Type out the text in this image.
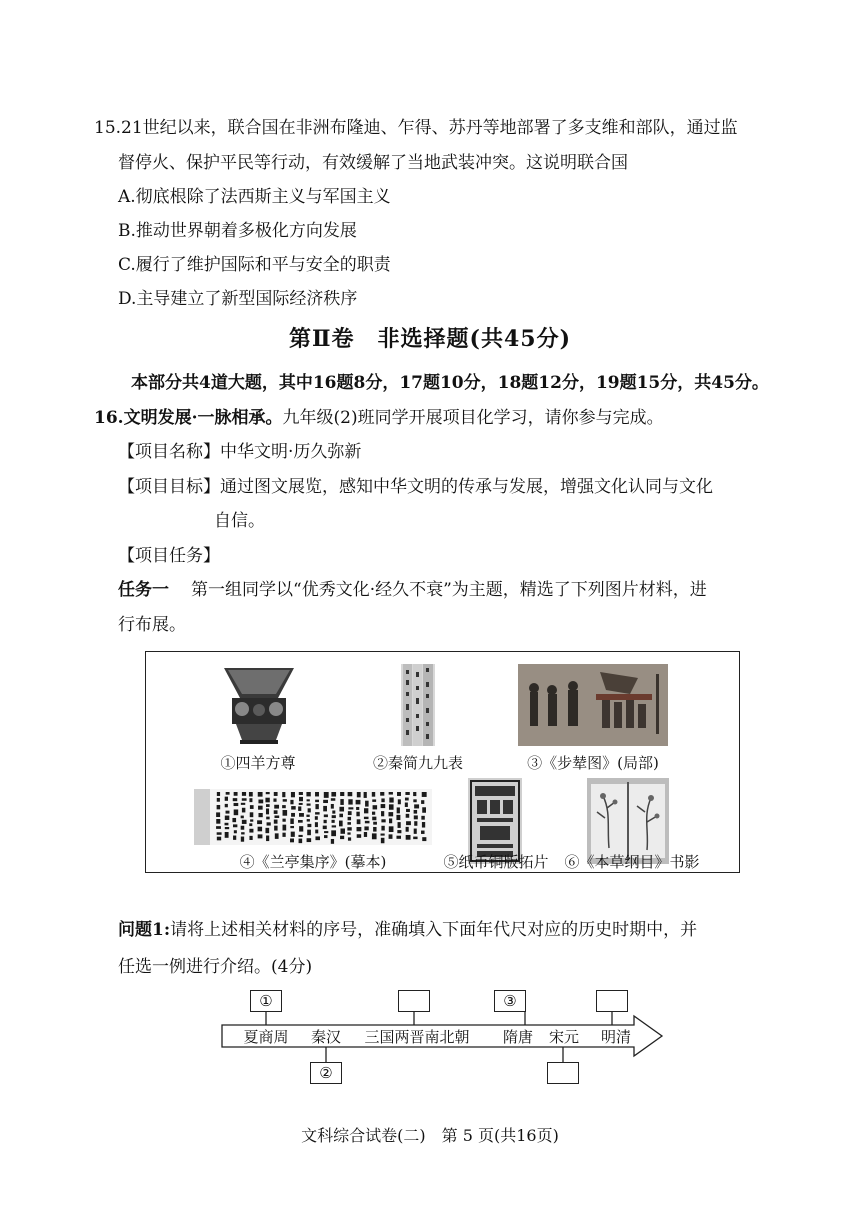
15.21世纪以来，联合国在非洲布隆迪、乍得、苏丹等地部署了多支维和部队，通过监
督停火、保护平民等行动，有效缓解了当地武装冲突。这说明联合国
A.彻底根除了法西斯主义与军国主义
B.推动世界朝着多极化方向发展
C.履行了维护国际和平与安全的职责
D.主导建立了新型国际经济秩序
第Ⅱ卷　非选择题(共45分)
本部分共4道大题，其中16题8分，17题10分，18题12分，19题15分，共45分。
16.文明发展·一脉相承。九年级(2)班同学开展项目化学习，请你参与完成。
【项目名称】中华文明·历久弥新
【项目目标】通过图文展览，感知中华文明的传承与发展，增强文化认同与文化
自信。
【项目任务】
任务一 第一组同学以“优秀文化·经久不衰”为主题，精选了下列图片材料，进
行布展。
①四羊方尊	②秦简九九表	③《步辇图》(局部)
④《兰亭集序》(摹本)	⑤纸币铜版拓片	⑥《本草纲目》书影
问题1:请将上述相关材料的序号，准确填入下面年代尺对应的历史时期中，并
任选一例进行介绍。(4分)
夏商周	秦汉	三国两晋南北朝	隋唐	宋元	明清
①
②
③
文科综合试卷(二)　第 5 页(共16页)
